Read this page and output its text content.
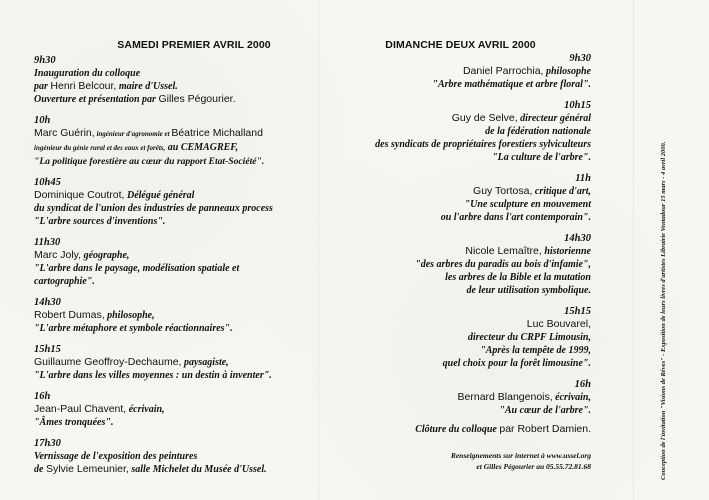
SAMEDI PREMIER AVRIL 2000
9h30
Inauguration du colloque
par Henri Belcour, maire d'Ussel.
Ouverture et présentation par Gilles Pégourier.
10h
Marc Guérin, ingénieur d'agronomie et Béatrice Michalland
ingénieur du génie rural et des eaux et forêts, au CEMAGREF,
"La politique forestière au cœur du rapport Etat-Société".
10h45
Dominique Coutrot, Délégué général
du syndicat de l'union des industries de panneaux process
"L'arbre sources d'inventions".
11h30
Marc Joly, géographe,
"L'arbre dans le paysage, modélisation spatiale et
cartographie".
14h30
Robert Dumas, philosophe,
"L'arbre métaphore et symbole réactionnaires".
15h15
Guillaume Geoffroy-Dechaume, paysagiste,
"L'arbre dans les villes moyennes : un destin à inventer".
16h
Jean-Paul Chavent, écrivain,
"Âmes tronquées".
17h30
Vernissage de l'exposition des peintures
de Sylvie Lemeunier, salle Michelet du Musée d'Ussel.
DIMANCHE DEUX AVRIL 2000
9h30
Daniel Parrochia, philosophe
"Arbre mathématique et arbre floral".
10h15
Guy de Selve, directeur général
de la fédération nationale
des syndicats de propriétaires forestiers sylviculteurs
"La culture de l'arbre".
11h
Guy Tortosa, critique d'art,
"Une sculpture en mouvement
ou l'arbre dans l'art contemporain".
14h30
Nicole Lemaître, historienne
"des arbres du paradis au bois d'infamie",
les arbres de la Bible et la mutation
de leur utilisation symbolique.
15h15
Luc Bouvarel,
directeur du CRPF Limousin,
"Après la tempête de 1999,
quel choix pour la forêt limousine".
16h
Bernard Blangenois, écrivain,
"Au cœur de l'arbre".
Clôture du colloque par Robert Damien.
Renseignements sur internet à www.ussel.org
et Gilles Pégourier au 05.55.72.81.68	Conception de l'invitation "Visions de Rêves" - Exposition de leurs livres d'artistes Librairie Ventadour 15 mars - 4 avril 2000.
